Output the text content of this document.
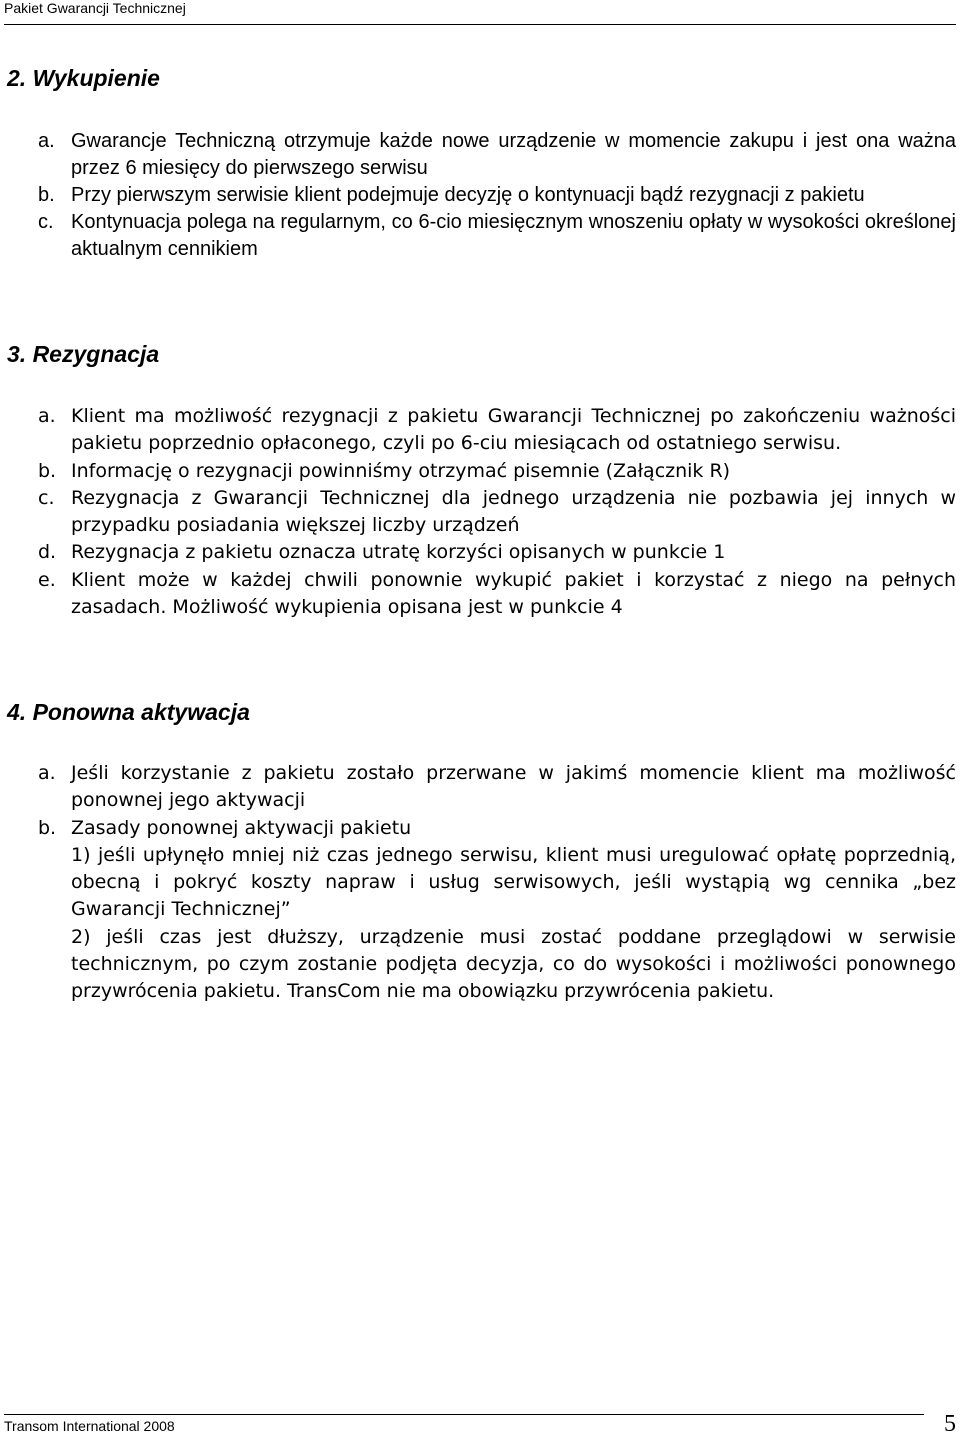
Pakiet Gwarancji Technicznej
2. Wykupienie
a. Gwarancje Techniczną otrzymuje każde nowe urządzenie w momencie zakupu i jest ona ważna przez 6 miesięcy do pierwszego serwisu
b. Przy pierwszym serwisie klient podejmuje decyzję o kontynuacji bądź rezygnacji z pakietu
c. Kontynuacja polega na regularnym, co 6-cio miesięcznym wnoszeniu opłaty w wysokości określonej aktualnym cennikiem
3. Rezygnacja
a. Klient ma możliwość rezygnacji z pakietu Gwarancji Technicznej po zakończeniu ważności pakietu poprzednio opłaconego, czyli po 6-ciu miesiącach od ostatniego serwisu.
b. Informację o rezygnacji powinniśmy otrzymać pisemnie (Załącznik R)
c. Rezygnacja z Gwarancji Technicznej dla jednego urządzenia nie pozbawia jej innych w przypadku posiadania większej liczby urządzeń
d. Rezygnacja z pakietu oznacza utratę korzyści opisanych w punkcie 1
e. Klient może w każdej chwili ponownie wykupić pakiet i korzystać z niego na pełnych zasadach. Możliwość wykupienia opisana jest w punkcie 4
4. Ponowna aktywacja
a. Jeśli korzystanie z pakietu zostało przerwane w jakimś momencie klient ma możliwość ponownej jego aktywacji
b. Zasady ponownej aktywacji pakietu
1) jeśli upłynęło mniej niż czas jednego serwisu, klient musi uregulować opłatę poprzednią, obecną i pokryć koszty napraw i usług serwisowych, jeśli wystąpią wg cennika „bez Gwarancji Technicznej”
2) jeśli czas jest dłuższy, urządzenie musi zostać poddane przeglądowi w serwisie technicznym, po czym zostanie podjęta decyzja, co do wysokości i możliwości ponownego przywrócenia pakietu. TransCom nie ma obowiązku przywrócenia pakietu.
Transom International 2008	5
